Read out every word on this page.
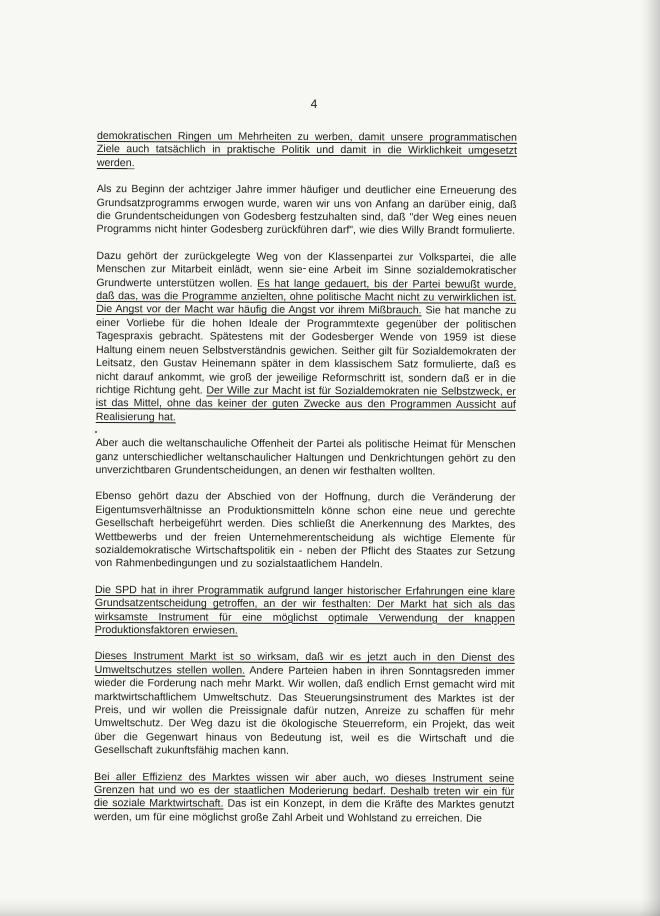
4

demokratischen Ringen um Mehrheiten zu werben, damit unsere programmatischen Ziele auch tatsächlich in praktische Politik und damit in die Wirklichkeit umgesetzt werden.

Als zu Beginn der achtziger Jahre immer häufiger und deutlicher eine Erneuerung des Grundsatzprogramms erwogen wurde, waren wir uns von Anfang an darüber einig, daß die Grundentscheidungen von Godesberg festzuhalten sind, daß "der Weg eines neuen Programms nicht hinter Godesberg zurückführen darf", wie dies Willy Brandt formulierte.

Dazu gehört der zurückgelegte Weg von der Klassenpartei zur Volkspartei, die alle Menschen zur Mitarbeit einlädt, wenn sie eine Arbeit im Sinne sozialdemokratischer Grundwerte unterstützen wollen. Es hat lange gedauert, bis der Partei bewußt wurde, daß das, was die Programme anzielten, ohne politische Macht nicht zu verwirklichen ist. Die Angst vor der Macht war häufig die Angst vor ihrem Mißbrauch. Sie hat manche zu einer Vorliebe für die hohen Ideale der Programmtexte gegenüber der politischen Tagespraxis gebracht. Spätestens mit der Godesberger Wende von 1959 ist diese Haltung einem neuen Selbstverständnis gewichen. Seither gilt für Sozialdemokraten der Leitsatz, den Gustav Heinemann später in dem klassischem Satz formulierte, daß es nicht darauf ankommt, wie groß der jeweilige Reformschritt ist, sondern daß er in die richtige Richtung geht. Der Wille zur Macht ist für Sozialdemokraten nie Selbstzweck, er ist das Mittel, ohne das keiner der guten Zwecke aus den Programmen Aussicht auf Realisierung hat.

Aber auch die weltanschauliche Offenheit der Partei als politische Heimat für Menschen ganz unterschiedlicher weltanschaulicher Haltungen und Denkrichtungen gehört zu den unverzichtbaren Grundentscheidungen, an denen wir festhalten wollten.

Ebenso gehört dazu der Abschied von der Hoffnung, durch die Veränderung der Eigentumsverhältnisse an Produktionsmitteln könne schon eine neue und gerechte Gesellschaft herbeigeführt werden. Dies schließt die Anerkennung des Marktes, des Wettbewerbs und der freien Unternehmerentscheidung als wichtige Elemente für sozialdemokratische Wirtschaftspolitik ein - neben der Pflicht des Staates zur Setzung von Rahmenbedingungen und zu sozialstaatlichem Handeln.

Die SPD hat in ihrer Programmatik aufgrund langer historischer Erfahrungen eine klare Grundsatzentscheidung getroffen, an der wir festhalten: Der Markt hat sich als das wirksamste Instrument für eine möglichst optimale Verwendung der knappen Produktionsfaktoren erwiesen.

Dieses Instrument Markt ist so wirksam, daß wir es jetzt auch in den Dienst des Umweltschutzes stellen wollen. Andere Parteien haben in ihren Sonntagsreden immer wieder die Forderung nach mehr Markt. Wir wollen, daß endlich Ernst gemacht wird mit marktwirtschaftlichem Umweltschutz. Das Steuerungsinstrument des Marktes ist der Preis, und wir wollen die Preissignale dafür nutzen, Anreize zu schaffen für mehr Umweltschutz. Der Weg dazu ist die ökologische Steuerreform, ein Projekt, das weit über die Gegenwart hinaus von Bedeutung ist, weil es die Wirtschaft und die Gesellschaft zukunftsfähig machen kann.

Bei aller Effizienz des Marktes wissen wir aber auch, wo dieses Instrument seine Grenzen hat und wo es der staatlichen Moderierung bedarf. Deshalb treten wir ein für die soziale Marktwirtschaft. Das ist ein Konzept, in dem die Kräfte des Marktes genutzt werden, um für eine möglichst große Zahl Arbeit und Wohlstand zu erreichen. Die
